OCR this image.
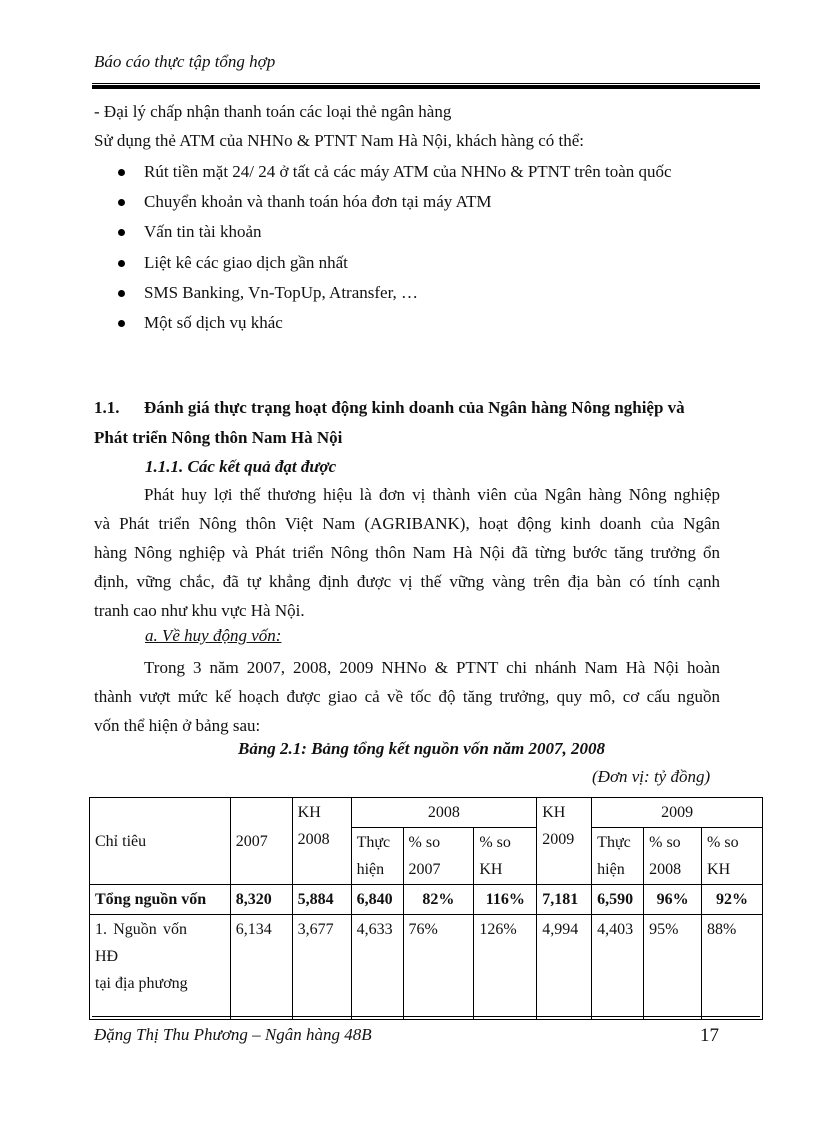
Báo cáo thực tập tổng hợp
- Đại lý chấp nhận thanh toán các loại thẻ ngân hàng
Sử dụng thẻ ATM của NHNo & PTNT Nam Hà Nội, khách hàng có thể:
Rút tiền mặt 24/ 24 ở tất cả các máy ATM của NHNo & PTNT trên toàn quốc
Chuyển khoản và thanh toán hóa đơn tại máy ATM
Vấn tin tài khoản
Liệt kê các giao dịch gần nhất
SMS Banking, Vn-TopUp, Atransfer, …
Một số dịch vụ khác
1.1. Đánh giá thực trạng hoạt động kinh doanh của Ngân hàng Nông nghiệp và
Phát triển Nông thôn Nam Hà Nội
1.1.1. Các kết quả đạt được
Phát huy lợi thế thương hiệu là đơn vị thành viên của Ngân hàng Nông nghiệp
và Phát triển Nông thôn Việt Nam (AGRIBANK), hoạt động kinh doanh của Ngân
hàng Nông nghiệp và Phát triển Nông thôn Nam Hà Nội đã từng bước tăng trưởng ổn
định, vững chắc, đã tự khẳng định được vị thế vững vàng trên địa bàn có tính cạnh
tranh cao như khu vực Hà Nội.
a. Về huy động vốn:
Trong 3 năm 2007, 2008, 2009 NHNo & PTNT chi nhánh Nam Hà Nội hoàn
thành vượt mức kế hoạch được giao cả về tốc độ tăng trưởng, quy mô, cơ cấu nguồn
vốn thể hiện ở bảng sau:
Bảng 2.1: Bảng tổng kết nguồn vốn năm 2007, 2008
(Đơn vị: tỷ đồng)
Chỉ tiêu	2007	KH 2008	2008			KH 2009	2009		
			Thực hiện	% so 2007	% so KH		Thực hiện	% so 2008	% so KH
Tổng nguồn vốn	8,320	5,884	6,840	82%	116%	7,181	6,590	96%	92%

1. Nguồn vốn HĐ
tại địa phương	6,134	3,677	4,633	76%	126%	4,994	4,403	95%	88%
Đặng Thị Thu Phương – Ngân hàng 48B	17
